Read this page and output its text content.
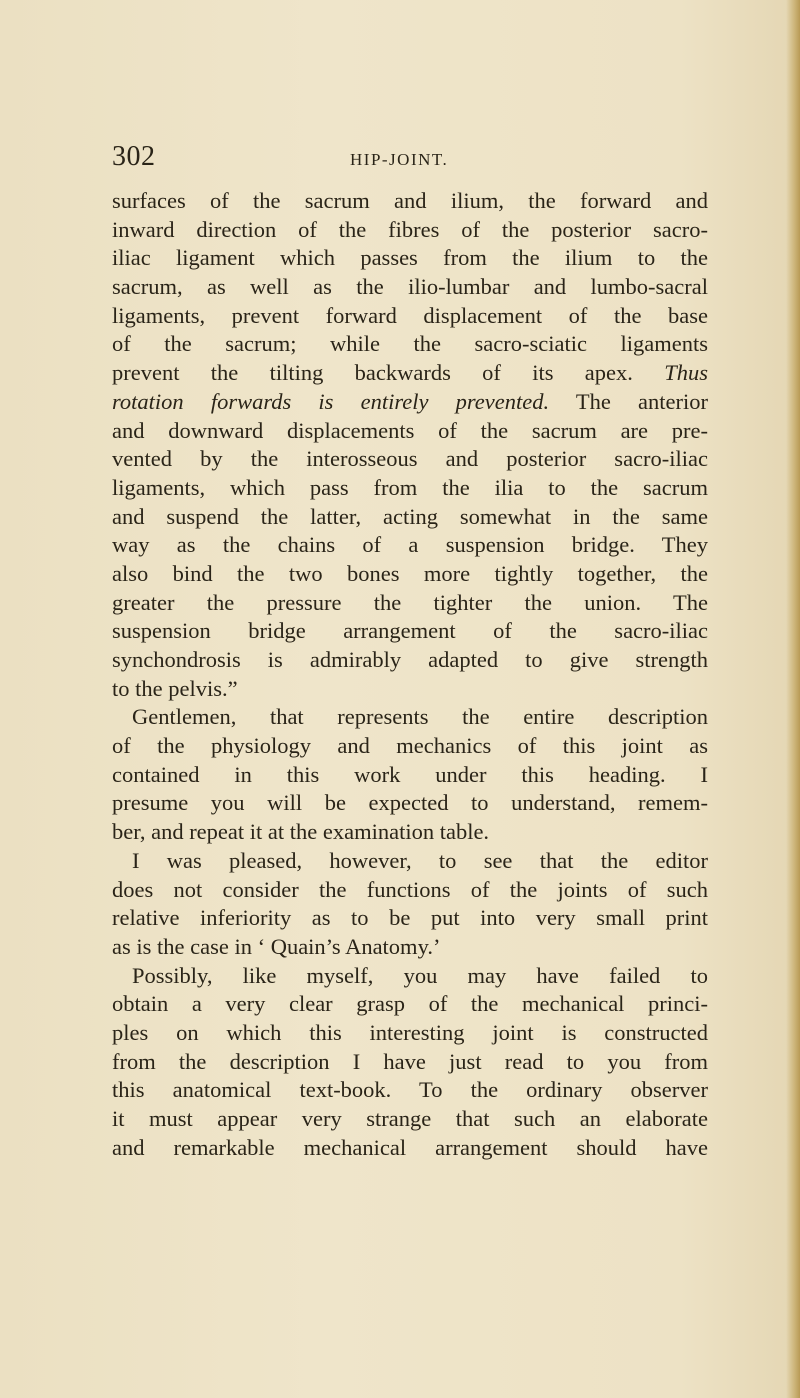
302	HIP-JOINT.
surfaces of the sacrum and ilium, the forward and
inward direction of the fibres of the posterior sacro-
iliac ligament which passes from the ilium to the
sacrum, as well as the ilio-lumbar and lumbo-sacral
ligaments, prevent forward displacement of the base
of the sacrum; while the sacro-sciatic ligaments
prevent the tilting backwards of its apex. Thus
rotation forwards is entirely prevented. The anterior
and downward displacements of the sacrum are pre-
vented by the interosseous and posterior sacro-iliac
ligaments, which pass from the ilia to the sacrum
and suspend the latter, acting somewhat in the same
way as the chains of a suspension bridge. They
also bind the two bones more tightly together, the
greater the pressure the tighter the union. The
suspension bridge arrangement of the sacro-iliac
synchondrosis is admirably adapted to give strength
to the pelvis.”
Gentlemen, that represents the entire description
of the physiology and mechanics of this joint as
contained in this work under this heading. I
presume you will be expected to understand, remem-
ber, and repeat it at the examination table.
I was pleased, however, to see that the editor
does not consider the functions of the joints of such
relative inferiority as to be put into very small print
as is the case in ‘ Quain’s Anatomy.’
Possibly, like myself, you may have failed to
obtain a very clear grasp of the mechanical princi-
ples on which this interesting joint is constructed
from the description I have just read to you from
this anatomical text-book. To the ordinary observer
it must appear very strange that such an elaborate
and remarkable mechanical arrangement should have
